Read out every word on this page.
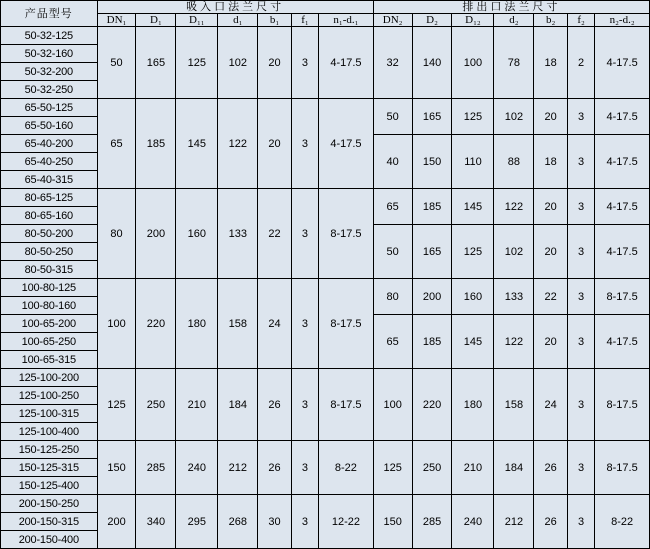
产品型号	吸入口法兰尺寸							排出口法兰尺寸						
	DN₁	D₁	D₁₁	d₁	b₁	f₁	n₁-d.₁	DN₂	D₂	D₁₂	d₂	b₂	f₂	n₂-d.₂
50-32-125	50	165	125	102	20	3	4-17.5	32	140	100	78	18	2	4-17.5
50-32-160														
50-32-200														
50-32-250														
65-50-125	65	185	145	122	20	3	4-17.5	50	165	125	102	20	3	4-17.5
65-50-160														
65-40-200								40	150	110	88	18	3	4-17.5
65-40-250														
65-40-315														
80-65-125	80	200	160	133	22	3	8-17.5	65	185	145	122	20	3	4-17.5
80-65-160														
80-50-200								50	165	125	102	20	3	4-17.5
80-50-250														
80-50-315														
100-80-125	100	220	180	158	24	3	8-17.5	80	200	160	133	22	3	8-17.5
100-80-160														
100-65-200								65	185	145	122	20	3	4-17.5
100-65-250														
100-65-315														
125-100-200	125	250	210	184	26	3	8-17.5	100	220	180	158	24	3	8-17.5
125-100-250														
125-100-315														
125-100-400														
150-125-250	150	285	240	212	26	3	8-22	125	250	210	184	26	3	8-17.5
150-125-315														
150-125-400														
200-150-250	200	340	295	268	30	3	12-22	150	285	240	212	26	3	8-22
200-150-315														
200-150-400														
